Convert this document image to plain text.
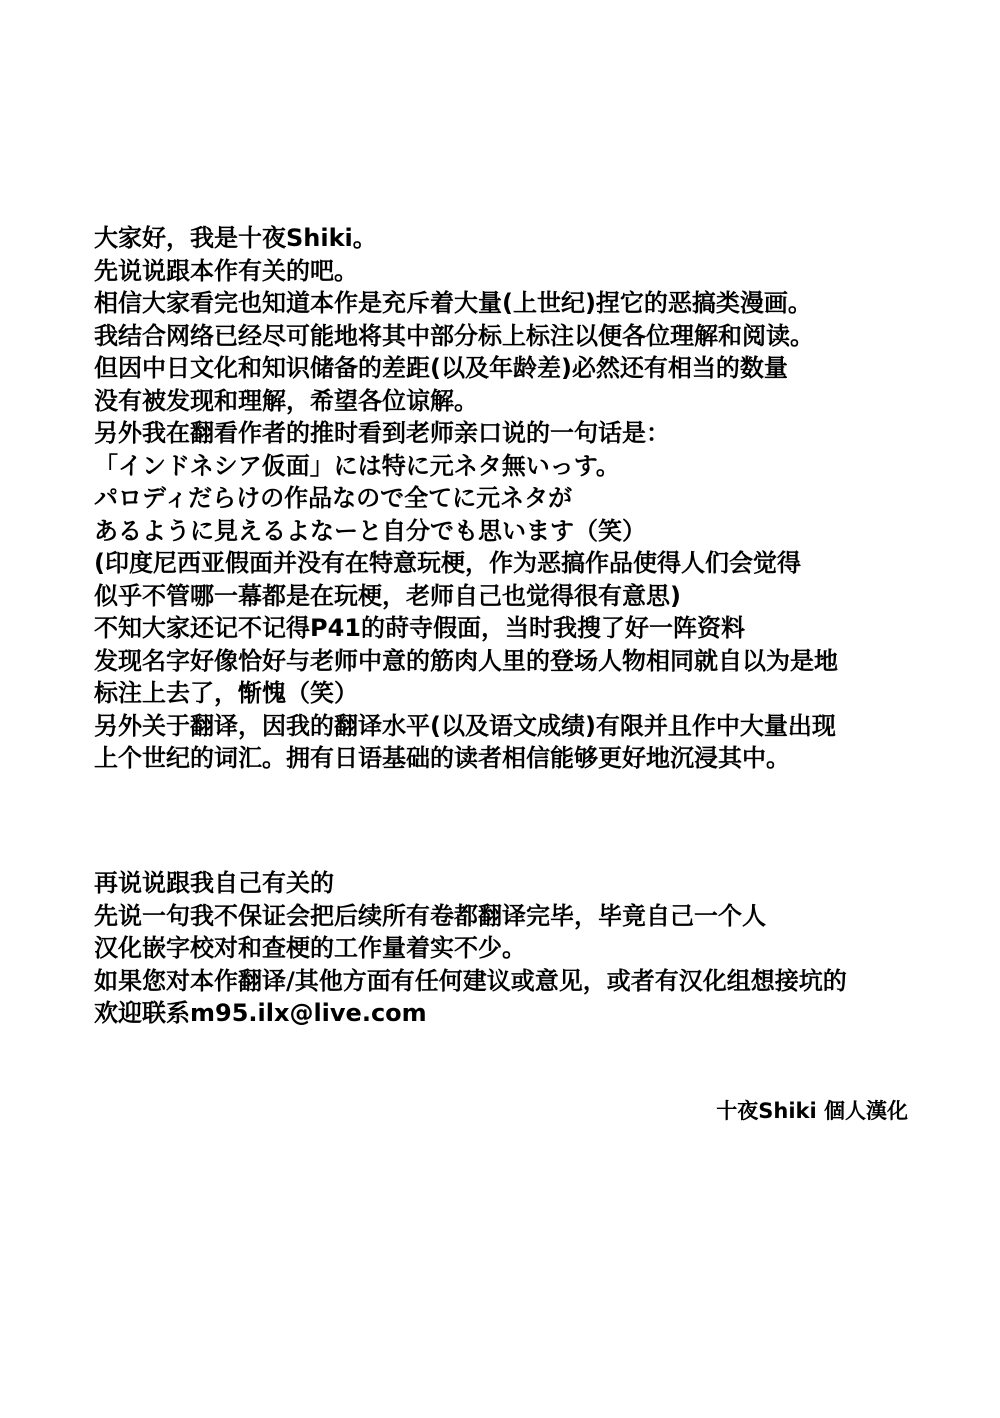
大家好，我是十夜Shiki。
先说说跟本作有关的吧。
相信大家看完也知道本作是充斥着大量(上世纪)捏它的恶搞类漫画。
我结合网络已经尽可能地将其中部分标上标注以便各位理解和阅读。
但因中日文化和知识储备的差距(以及年龄差)必然还有相当的数量
没有被发现和理解，希望各位谅解。
另外我在翻看作者的推时看到老师亲口说的一句话是：
「インドネシア仮面」には特に元ネタ無いっす。
パロディだらけの作品なので全てに元ネタが
あるように見えるよなーと自分でも思います（笑）
(印度尼西亚假面并没有在特意玩梗，作为恶搞作品使得人们会觉得
似乎不管哪一幕都是在玩梗，老师自己也觉得很有意思)
不知大家还记不记得P41的莳寺假面，当时我搜了好一阵资料
发现名字好像恰好与老师中意的筋肉人里的登场人物相同就自以为是地
标注上去了，惭愧（笑）
另外关于翻译，因我的翻译水平(以及语文成绩)有限并且作中大量出现
上个世纪的词汇。拥有日语基础的读者相信能够更好地沉浸其中。
再说说跟我自己有关的
先说一句我不保证会把后续所有卷都翻译完毕，毕竟自己一个人
汉化嵌字校对和查梗的工作量着实不少。
如果您对本作翻译/其他方面有任何建议或意见，或者有汉化组想接坑的
欢迎联系m95.ilx@live.com
十夜Shiki 個人漢化
